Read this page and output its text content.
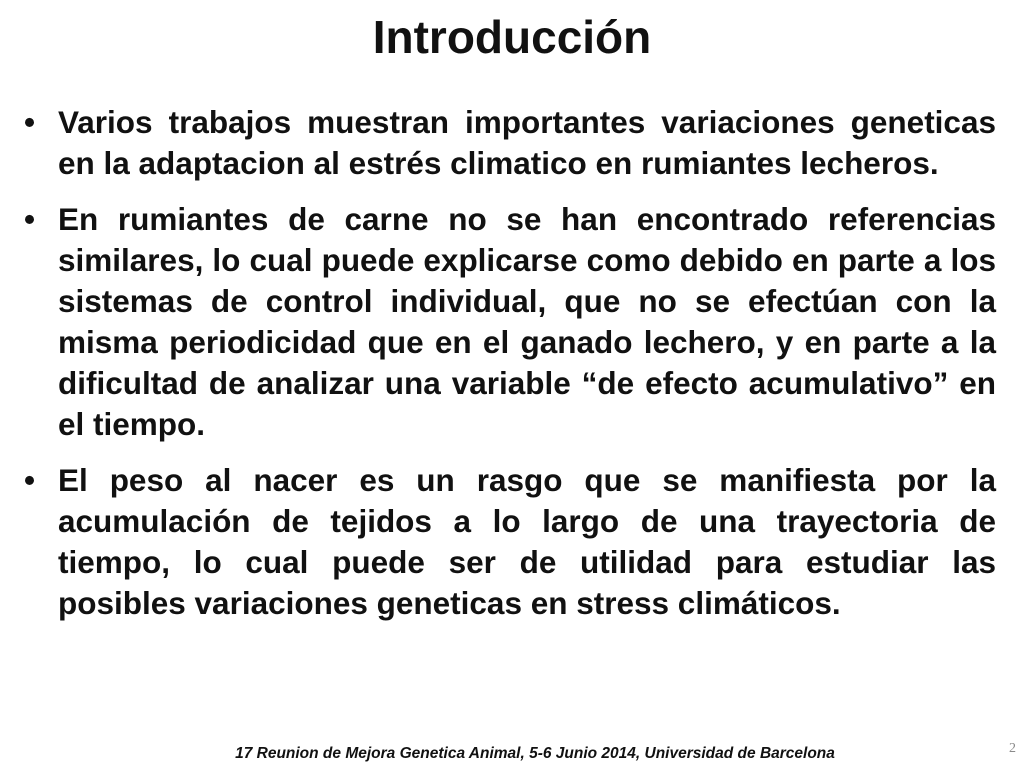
Introducción
• Varios trabajos muestran importantes variaciones geneticas en la adaptacion al estrés climatico en rumiantes lecheros.
• En rumiantes de carne no se han encontrado referencias similares, lo cual puede explicarse como debido en parte a los sistemas de control individual, que no se efectúan con la misma periodicidad que en el ganado lechero, y en parte a la dificultad de analizar una variable “de efecto acumulativo” en el tiempo.
• El peso al nacer es un rasgo que se manifiesta por la acumulación de tejidos a lo largo de una trayectoria de tiempo, lo cual puede ser de utilidad para estudiar las posibles variaciones geneticas en stress climáticos.

17 Reunion de Mejora Genetica Animal, 5-6 Junio 2014, Universidad de Barcelona	2
